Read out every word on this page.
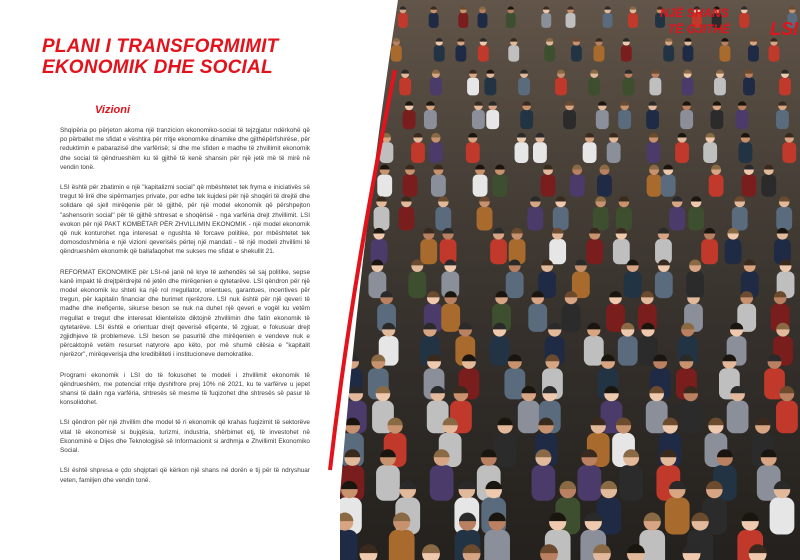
PLANI I TRANSFORMIMIT
EKONOMIK DHE SOCIAL
Vizioni

Shqipëria po përjeton akoma një tranzicion ekonomiko-social të tejzgjatur ndërkohë që po përballet me sfidat e vështira për rritje ekonomike dinamike dhe gjithëpërfshirëse, për reduktimin e pabarazisë dhe varfërisë; si dhe me sfiden e madhe të zhvillimit ekonomik dhe social të qëndrueshëm ku të gjithë të kenë shansin për një jetë më të mirë në vendin tonë.

LSI është për zbatimin e një "kapitalizmi social" që mbështetet tek fryma e iniciativës së tregut të lirë dhe sipërmarrjes private, por edhe tek kujdesi për një shoqëri të drejtë dhe solidare që sjell mirëqenie për të gjithë, për një model ekonomik që përshpejton "ashensorin social" për të gjithë shtresat e shoqërisë - nga varfëria drejt zhvillimit. LSI evokon për një PAKT KOMBËTAR PËR ZHVILLIMIN EKONOMIK - një model ekonomik që nuk konturohet nga interesat e ngushta të forcave politike, por mbështetet tek domosdoshmëria e një vizioni qeverisës përtej një mandati - të një modeli zhvillimi të qëndrueshëm ekonomik që ballafaqohet me sukses me sfidat e shekullit 21.

REFORMAT EKONOMIKE për LSI-në janë në krye të axhendës së saj politike, sepse kanë impakt të drejtpërdrejtë në jetën dhe mirëqenien e qytetarëve. LSI qëndron për një model ekonomik ku shteti ka një rol rregullator, orientues, garantues, incentives për tregun, për kapitalin financiar dhe burimet njerëzore. LSI nuk është për një qeveri të madhe dhe inefiçente, sikurse beson se nuk na duhet një qeveri e vogël ku vetëm rregullat e tregut dhe interesat klienteliste diktojnë zhvillimin dhe fatin ekonomik të qytetarëve. LSI është e orientuar drejt qeverisë efiçente, të zgjuar, e fokusuar drejt zgjidhjeve të problemeve. LSI beson se pasuritë dhe mirëqenien e vendeve nuk e përcaktojnë vetëm resurset natyrore apo këto, por më shumë cilësia e "kapitalit njerëzor", mirëqeverisja dhe kredibiliteti i institucioneve demokratike.

Programi ekonomik i LSI do të fokusohet te modeli i zhvillimit ekonomik të qëndrueshëm, me potencial rritje dyshifrore prej 10% në 2021, ku te varfërve u jepet shansi të dalin nga varfëria, shtresës së mesme të fuqizohet dhe shtresës së pasur të konsolidohet.

LSI qëndron për një zhvillim dhe model të ri ekonomik që krahas fuqizimit të sektorëve vital të ekonomisë si bujqësia, turizmi, industria, shërbimet etj, të investohet në Ekonominë e Dijes dhe Teknologjisë së Informacionit si ardhmja e Zhvillimit Ekonomiko Social.

LSI është shpresa e çdo shqiptari që kërkon një shans në dorën e tij për të ndryshuar veten, familjen dhe vendin tonë.

NJË SHANS
TË GJITHË LSI
